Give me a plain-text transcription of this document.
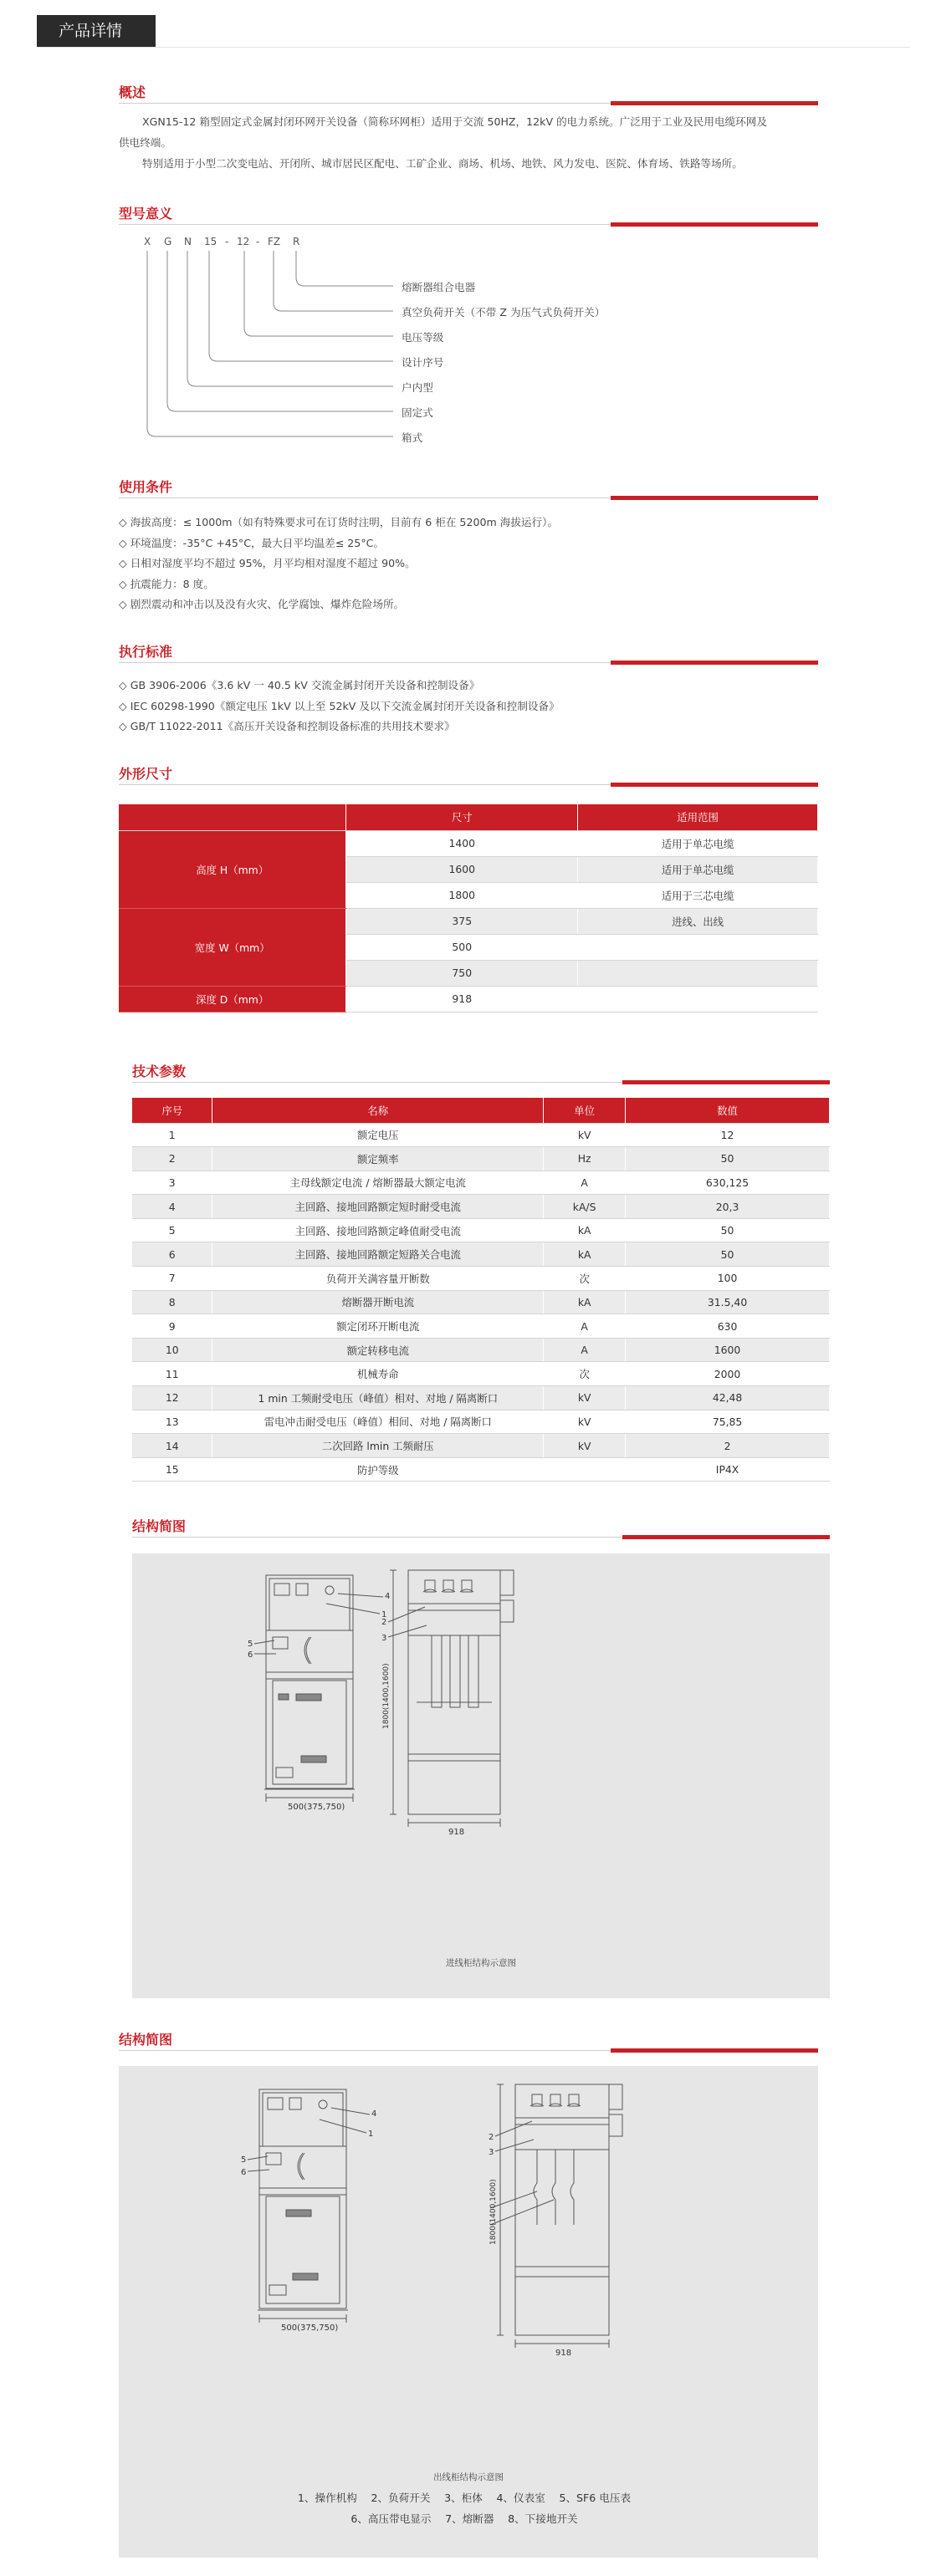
产品详情
概述
XGN15-12 箱型固定式金属封闭环网开关设备（简称环网柜）适用于交流 50HZ，12kV 的电力系统。广泛用于工业及民用电缆环网及
供电终端。
特别适用于小型二次变电站、开闭所、城市居民区配电、工矿企业、商场、机场、地铁、风力发电、医院、体育场、铁路等场所。
型号意义
X G N 15 - 12 - FZ R
熔断器组合电器
真空负荷开关（不带 Z 为压气式负荷开关）
电压等级
设计序号
户内型
固定式
箱式
使用条件
◇ 海拔高度：≤ 1000m（如有特殊要求可在订货时注明，目前有 6 柜在 5200m 海拔运行）。
◇ 环境温度：-35°C +45°C，最大日平均温差≤ 25°C。
◇ 日相对湿度平均不超过 95%，月平均相对湿度不超过 90%。
◇ 抗震能力：8 度。
◇ 剧烈震动和冲击以及没有火灾、化学腐蚀、爆炸危险场所。
执行标准
◇ GB 3906-2006《3.6 kV 一 40.5 kV 交流金属封闭开关设备和控制设备》
◇ IEC 60298-1990《额定电压 1kV 以上至 52kV 及以下交流金属封闭开关设备和控制设备》
◇ GB/T 11022-2011《高压开关设备和控制设备标准的共用技术要求》
外形尺寸
	尺寸	适用范围
高度 H（mm）	1400	适用于单芯电缆
	1600	适用于单芯电缆
	1800	适用于三芯电缆
宽度 W（mm）	375	进线、出线
	500	
	750	
深度 D（mm）	918	
技术参数
序号	名称	单位	数值
1	额定电压	kV	12
2	额定频率	Hz	50
3	主母线额定电流 / 熔断器最大额定电流	A	630,125
4	主回路、接地回路额定短时耐受电流	kA/S	20,3
5	主回路、接地回路额定峰值耐受电流	kA	50
6	主回路、接地回路额定短路关合电流	kA	50
7	负荷开关满容量开断数	次	100
8	熔断器开断电流	kA	31.5,40
9	额定闭环开断电流	A	630
10	额定转移电流	A	1600
11	机械寿命	次	2000
12	1 min 工频耐受电压（峰值）相对、对地 / 隔离断口	kV	42,48
13	雷电冲击耐受电压（峰值）相间、对地 / 隔离断口	kV	75,85
14	二次回路 lmin 工频耐压	kV	2
15	防护等级		IP4X
结构简图
4
1
5
6
2
3
500(375,750)
918
1800(1400,1600)
进线柜结构示意图
结构简图
4
1
5
6
2
3
500(375,750)
918
1800(1400,1600)
出线柜结构示意图
1、操作机构　 2、负荷开关　 3、柜体　 4、仪表室　 5、SF6 电压表
6、高压带电显示　 7、熔断器　 8、下接地开关
